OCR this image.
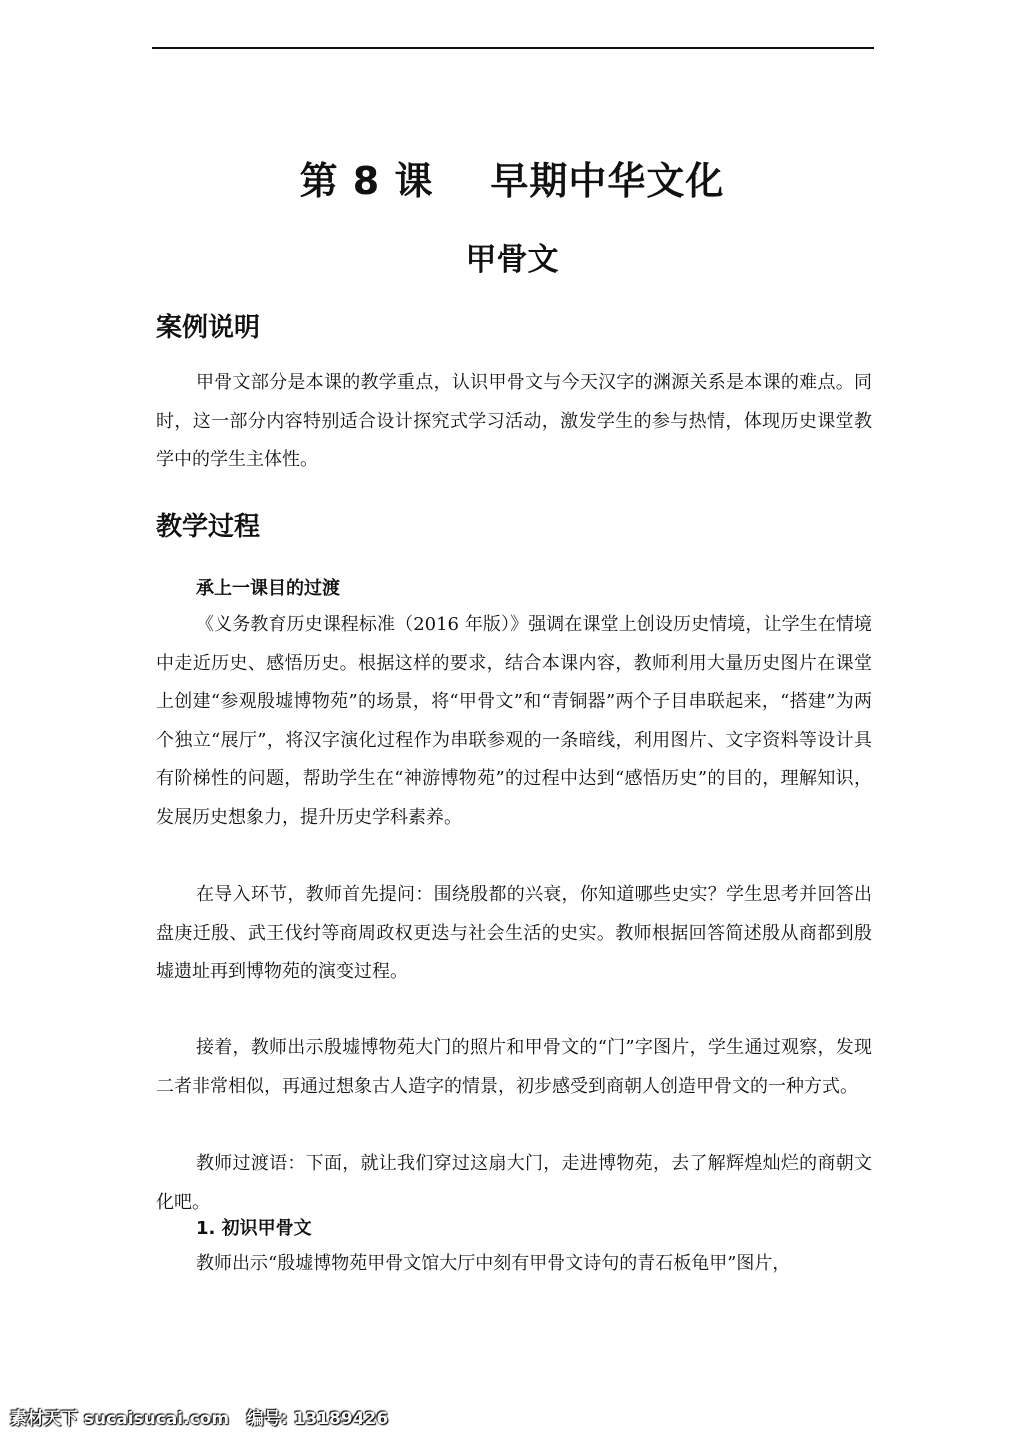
第 8 课    早期中华文化
甲骨文
案例说明
甲骨文部分是本课的教学重点，认识甲骨文与今天汉字的渊源关系是本课的难点。同时，这一部分内容特别适合设计探究式学习活动，激发学生的参与热情，体现历史课堂教学中的学生主体性。
教学过程
承上一课目的过渡
《义务教育历史课程标准（2016 年版）》强调在课堂上创设历史情境，让学生在情境中走近历史、感悟历史。根据这样的要求，结合本课内容，教师利用大量历史图片在课堂上创建“参观殷墟博物苑”的场景，将“甲骨文”和“青铜器”两个子目串联起来，“搭建”为两个独立“展厅”，将汉字演化过程作为串联参观的一条暗线，利用图片、文字资料等设计具有阶梯性的问题，帮助学生在“神游博物苑”的过程中达到“感悟历史”的目的，理解知识，发展历史想象力，提升历史学科素养。
在导入环节，教师首先提问：围绕殷都的兴衰，你知道哪些史实？学生思考并回答出盘庚迁殷、武王伐纣等商周政权更迭与社会生活的史实。教师根据回答简述殷从商都到殷墟遗址再到博物苑的演变过程。
接着，教师出示殷墟博物苑大门的照片和甲骨文的“门”字图片，学生通过观察，发现二者非常相似，再通过想象古人造字的情景，初步感受到商朝人创造甲骨文的一种方式。
教师过渡语：下面，就让我们穿过这扇大门，走进博物苑，去了解辉煌灿烂的商朝文化吧。
1. 初识甲骨文
教师出示“殷墟博物苑甲骨文馆大厅中刻有甲骨文诗句的青石板龟甲”图片，
素材天下 sucaisucai.com   编号: 13189426
